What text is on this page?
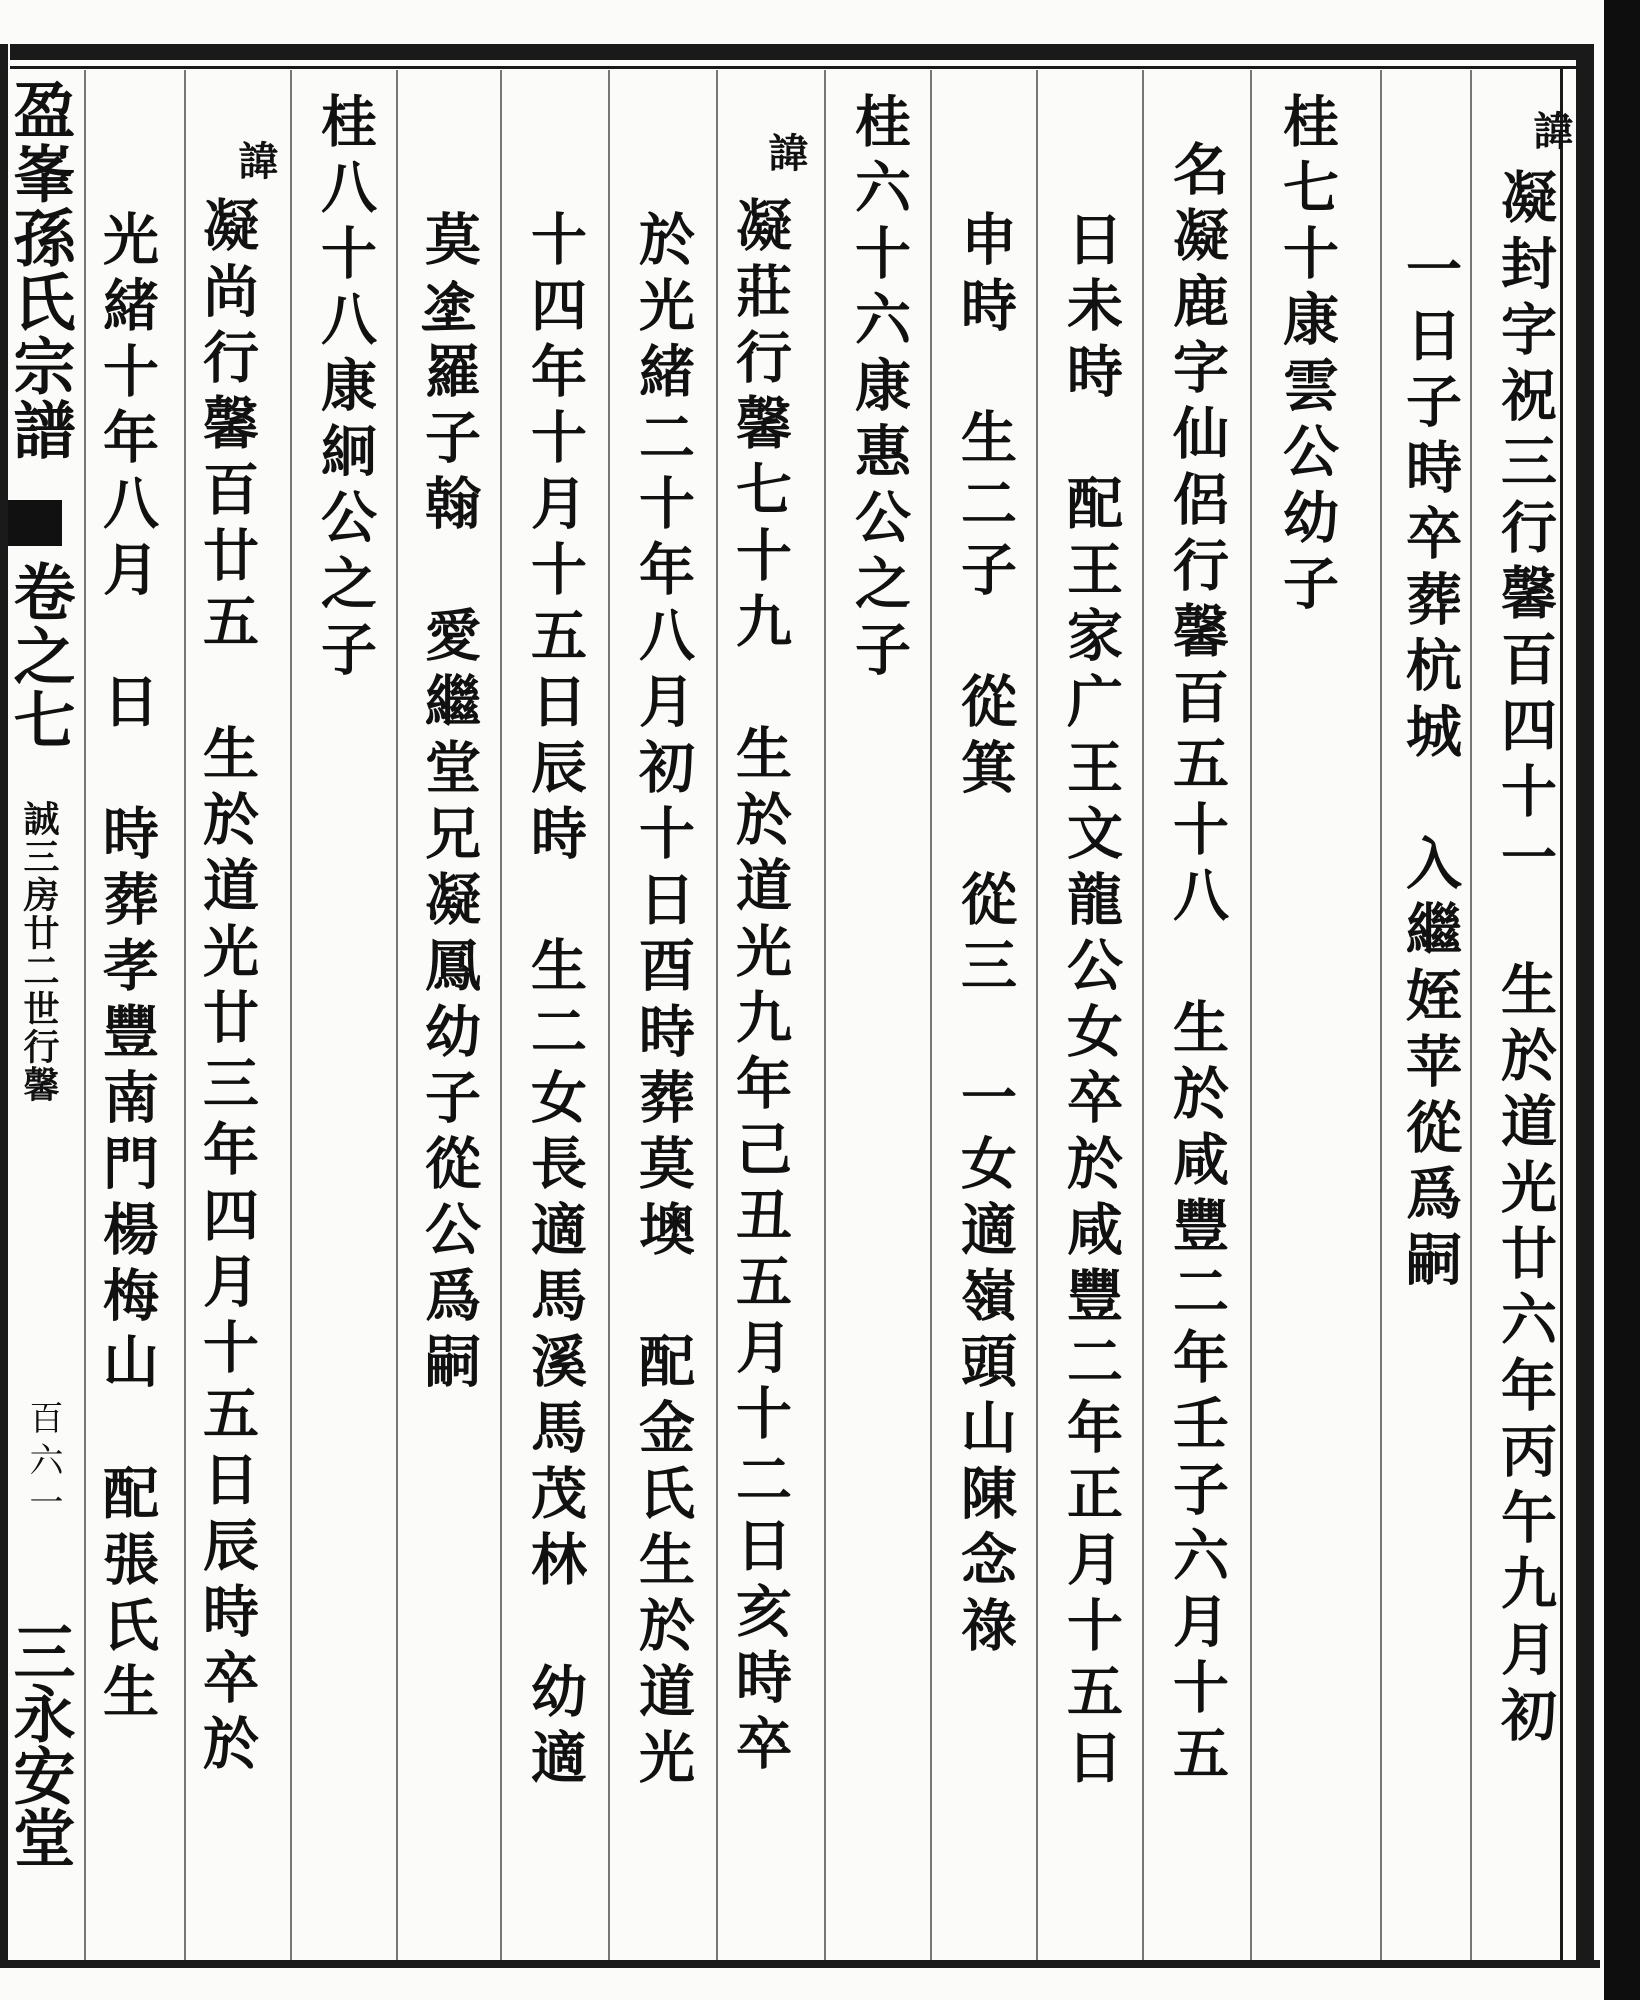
諱
凝封字祝三行馨百四十一　生於道光廿六年丙午九月初
一日子時卒葬杭城　入繼姪苹從爲嗣
桂七十康雲公幼子
名凝鹿字仙侶行馨百五十八　生於咸豐二年壬子六月十五
日未時　配王家广王文龍公女卒於咸豐二年正月十五日
申時　生二子　從箕　從三　一女適嶺頭山陳念祿
桂六十六康惠公之子
諱
凝莊行馨七十九　生於道光九年己丑五月十二日亥時卒
於光緒二十年八月初十日酉時葬莫墺　配金氏生於道光
十四年十月十五日辰時　生二女長適馬溪馬茂林　幼適
莫𡍼羅子翰　愛繼堂兄凝鳳幼子從公爲嗣
桂八十八康絅公之子
諱
凝尚行馨百廿五　生於道光廿三年四月十五日辰時卒於
光緒十年八月　日　時葬孝豐南門楊梅山　配張氏生
盈峯孫氏宗譜
卷之七
誠三房廿二世行馨
百六一
三永安堂
